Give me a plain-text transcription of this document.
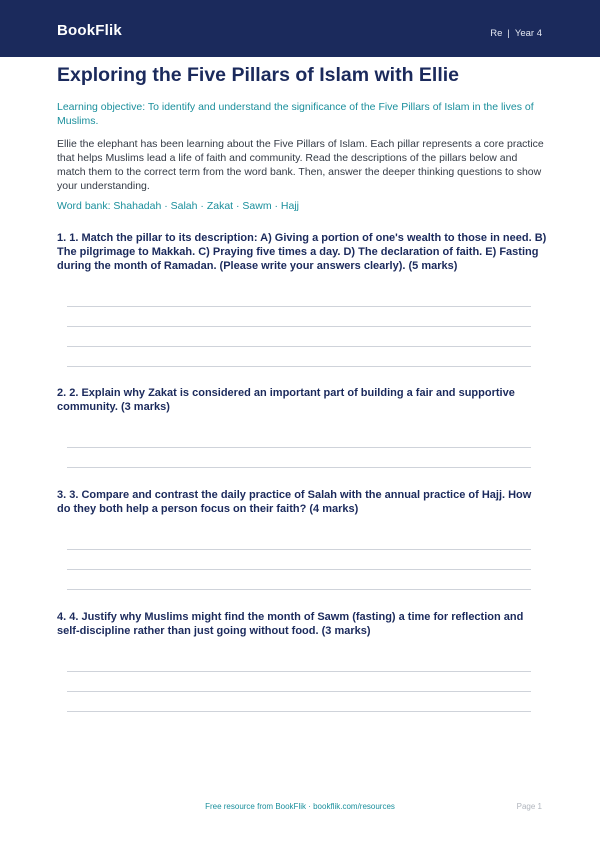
BookFlik	Re | Year 4
Exploring the Five Pillars of Islam with Ellie
Learning objective: To identify and understand the significance of the Five Pillars of Islam in the lives of Muslims.
Ellie the elephant has been learning about the Five Pillars of Islam. Each pillar represents a core practice that helps Muslims lead a life of faith and community. Read the descriptions of the pillars below and match them to the correct term from the word bank. Then, answer the deeper thinking questions to show your understanding.
Word bank: Shahadah · Salah · Zakat · Sawm · Hajj
1. 1. Match the pillar to its description: A) Giving a portion of one's wealth to those in need. B) The pilgrimage to Makkah. C) Praying five times a day. D) The declaration of faith. E) Fasting during the month of Ramadan. (Please write your answers clearly). (5 marks)
2. 2. Explain why Zakat is considered an important part of building a fair and supportive community. (3 marks)
3. 3. Compare and contrast the daily practice of Salah with the annual practice of Hajj. How do they both help a person focus on their faith? (4 marks)
4. 4. Justify why Muslims might find the month of Sawm (fasting) a time for reflection and self-discipline rather than just going without food. (3 marks)
Free resource from BookFlik · bookflik.com/resources	Page 1
